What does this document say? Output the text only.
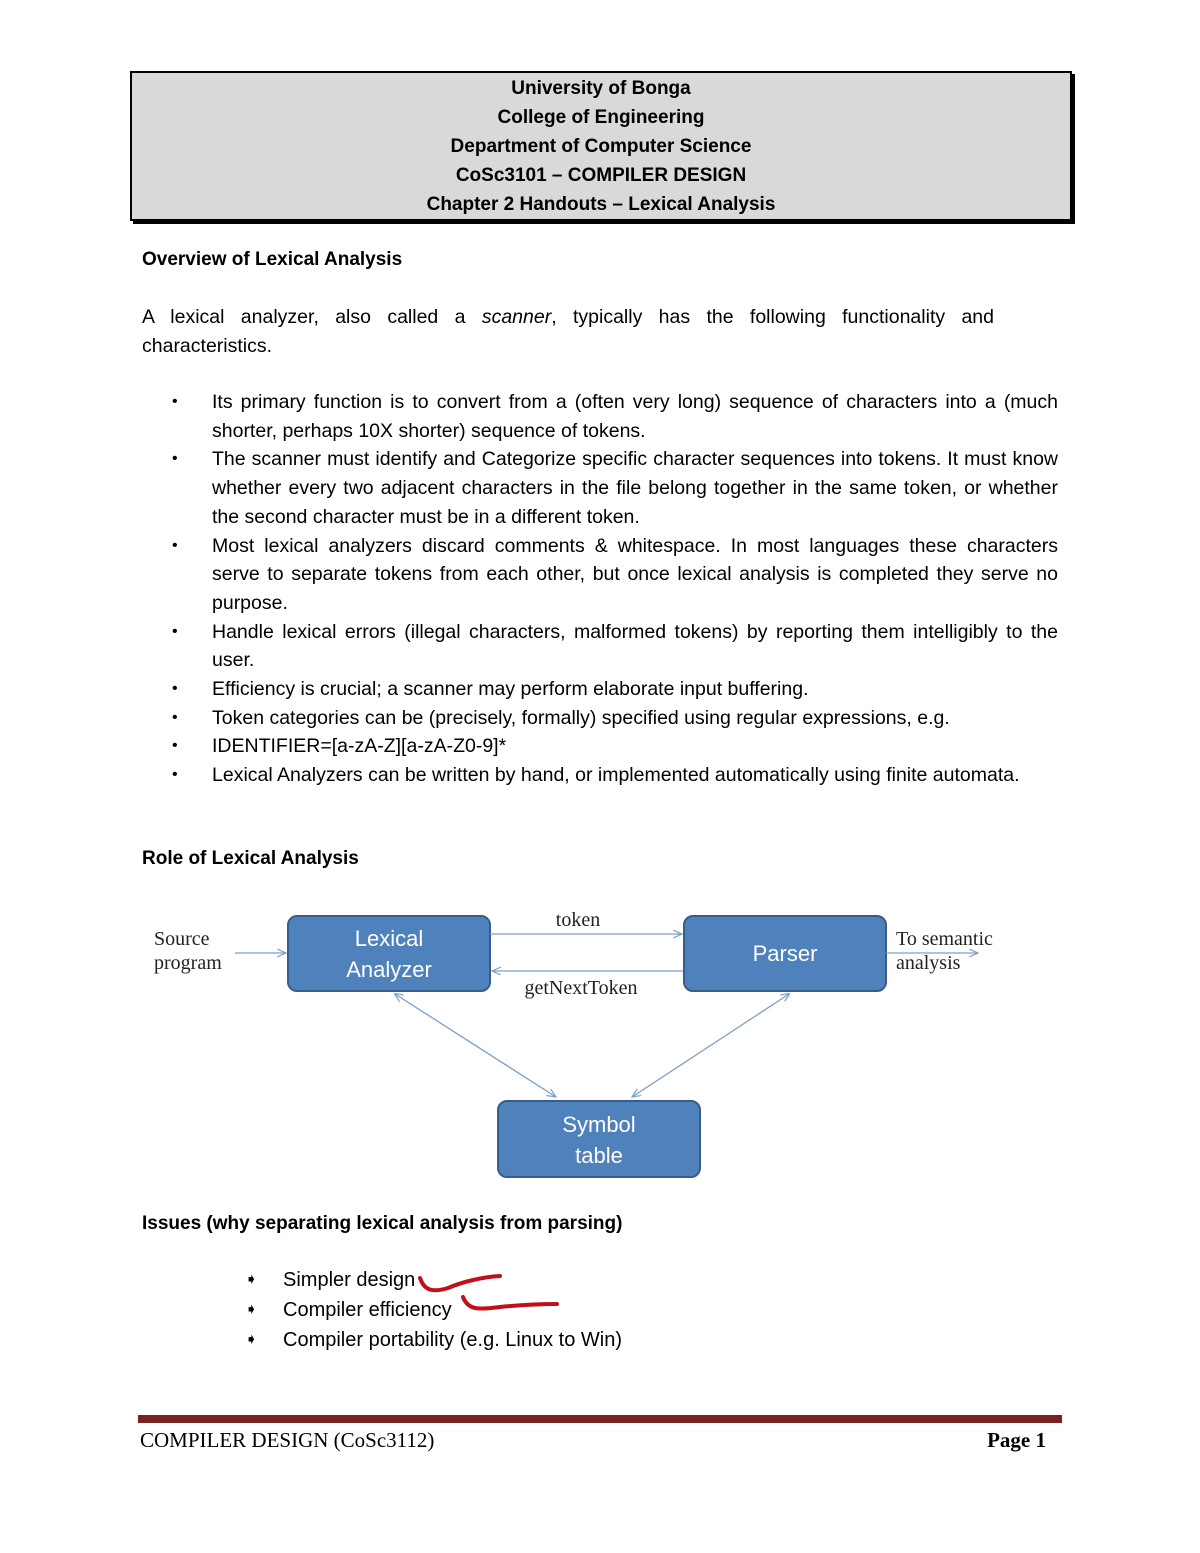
University of Bonga
College of Engineering
Department of Computer Science
CoSc3101 – COMPILER DESIGN
Chapter 2 Handouts – Lexical Analysis
Overview of Lexical Analysis
A lexical analyzer, also called a scanner, typically has the following functionality and characteristics.
• Its primary function is to convert from a (often very long) sequence of characters into a (much shorter, perhaps 10X shorter) sequence of tokens.
• The scanner must identify and Categorize specific character sequences into tokens. It must know whether every two adjacent characters in the file belong together in the same token, or whether the second character must be in a different token.
• Most lexical analyzers discard comments & whitespace. In most languages these characters serve to separate tokens from each other, but once lexical analysis is completed they serve no purpose.
• Handle lexical errors (illegal characters, malformed tokens) by reporting them intelligibly to the user.
• Efficiency is crucial; a scanner may perform elaborate input buffering.
• Token categories can be (precisely, formally) specified using regular expressions, e.g.
• IDENTIFIER=[a-zA-Z][a-zA-Z0-9]*
• Lexical Analyzers can be written by hand, or implemented automatically using finite automata.
Role of Lexical Analysis
Source
program
Lexical
Analyzer
token
getNextToken
Parser
To semantic
analysis
Symbol
table
Issues (why separating lexical analysis from parsing)
➧ Simpler design
➧ Compiler efficiency
➧ Compiler portability (e.g. Linux to Win)
COMPILER DESIGN (CoSc3112)	Page 1
